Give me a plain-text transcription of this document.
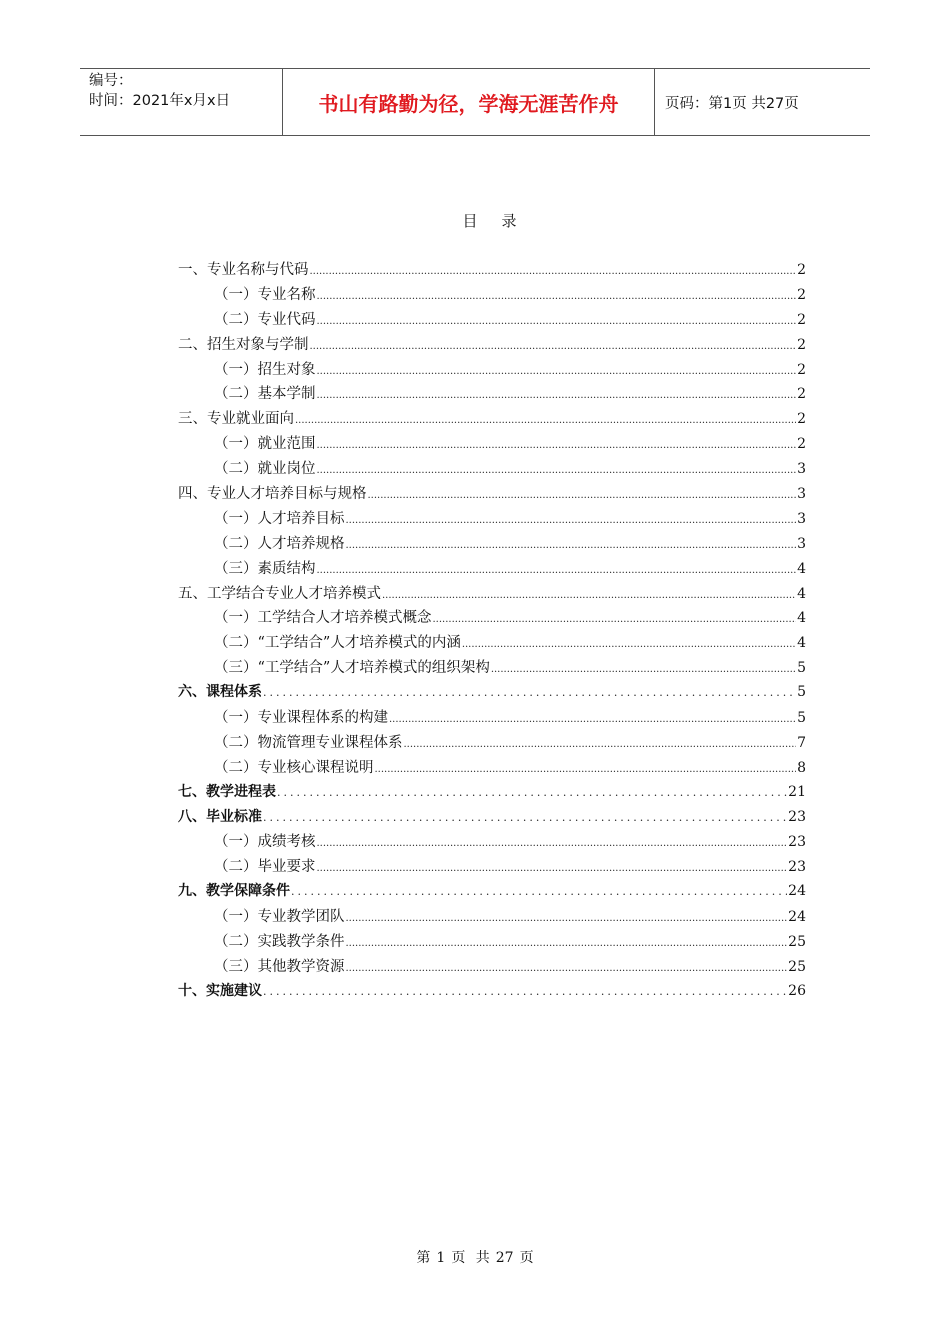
编号：
时间：2021年x月x日	书山有路勤为径，学海无涯苦作舟	页码：第1页 共27页
目 录
一、专业名称与代码 .....	2
（一）专业名称 .....	2
（二）专业代码 .....	2
二、招生对象与学制 .....	2
（一）招生对象 .....	2
（二）基本学制 .....	2
三、专业就业面向 .....	2
（一）就业范围 .....	2
（二）就业岗位 .....	3
四、专业人才培养目标与规格 .....	3
（一）人才培养目标 .....	3
（二）人才培养规格 .....	3
（三）素质结构 .....	4
五、工学结合专业人才培养模式 .....	4
（一）工学结合人才培养模式概念 .....	4
（二）“工学结合”人才培养模式的内涵 .....	4
（三）“工学结合”人才培养模式的组织架构 .....	5
六、课程体系 .....	5
（一）专业课程体系的构建 .....	5
（二）物流管理专业课程体系 .....	7
（二）专业核心课程说明 .....	8
七、教学进程表 .....	21
八、毕业标准 .....	23
（一）成绩考核 .....	23
（二）毕业要求 .....	23
九、教学保障条件 .....	24
（一）专业教学团队 .....	24
（二）实践教学条件 .....	25
（三）其他教学资源 .....	25
十、实施建议 .....	26
第 1 页 共 27 页
